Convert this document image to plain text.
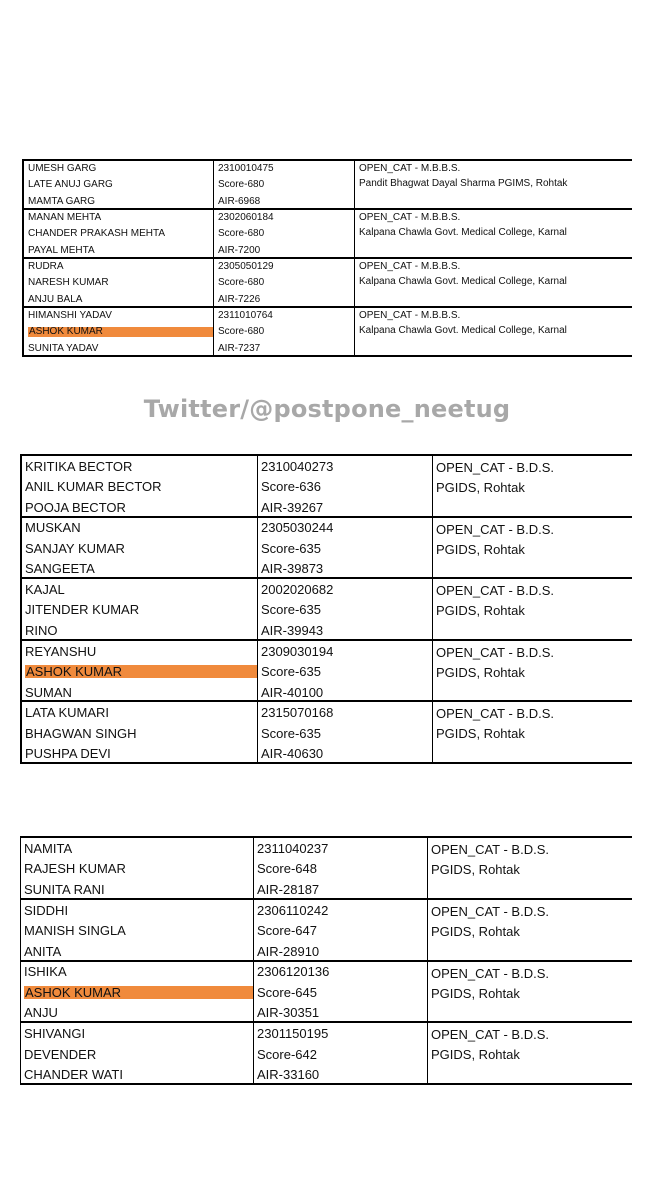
UMESH GARG
LATE ANUJ GARG
MAMTA GARG
2310010475
Score-680
AIR-6968
OPEN_CAT - M.B.B.S.
Pandit Bhagwat Dayal Sharma PGIMS, Rohtak
MANAN MEHTA
CHANDER PRAKASH MEHTA
PAYAL MEHTA
2302060184
Score-680
AIR-7200
OPEN_CAT - M.B.B.S.
Kalpana Chawla Govt. Medical College, Karnal
RUDRA
NARESH KUMAR
ANJU BALA
2305050129
Score-680
AIR-7226
OPEN_CAT - M.B.B.S.
Kalpana Chawla Govt. Medical College, Karnal
HIMANSHI YADAV
ASHOK KUMAR
SUNITA YADAV
2311010764
Score-680
AIR-7237
OPEN_CAT - M.B.B.S.
Kalpana Chawla Govt. Medical College, Karnal
Twitter/@postpone_neetug
KRITIKA BECTOR
ANIL KUMAR BECTOR
POOJA BECTOR
2310040273
Score-636
AIR-39267
OPEN_CAT - B.D.S.
PGIDS, Rohtak
MUSKAN
SANJAY KUMAR
SANGEETA
2305030244
Score-635
AIR-39873
OPEN_CAT - B.D.S.
PGIDS, Rohtak
KAJAL
JITENDER KUMAR
RINO
2002020682
Score-635
AIR-39943
OPEN_CAT - B.D.S.
PGIDS, Rohtak
REYANSHU
ASHOK KUMAR
SUMAN
2309030194
Score-635
AIR-40100
OPEN_CAT - B.D.S.
PGIDS, Rohtak
LATA KUMARI
BHAGWAN SINGH
PUSHPA DEVI
2315070168
Score-635
AIR-40630
OPEN_CAT - B.D.S.
PGIDS, Rohtak
NAMITA
RAJESH KUMAR
SUNITA RANI
2311040237
Score-648
AIR-28187
OPEN_CAT - B.D.S.
PGIDS, Rohtak
SIDDHI
MANISH SINGLA
ANITA
2306110242
Score-647
AIR-28910
OPEN_CAT - B.D.S.
PGIDS, Rohtak
ISHIKA
ASHOK KUMAR
ANJU
2306120136
Score-645
AIR-30351
OPEN_CAT - B.D.S.
PGIDS, Rohtak
SHIVANGI
DEVENDER
CHANDER WATI
2301150195
Score-642
AIR-33160
OPEN_CAT - B.D.S.
PGIDS, Rohtak
